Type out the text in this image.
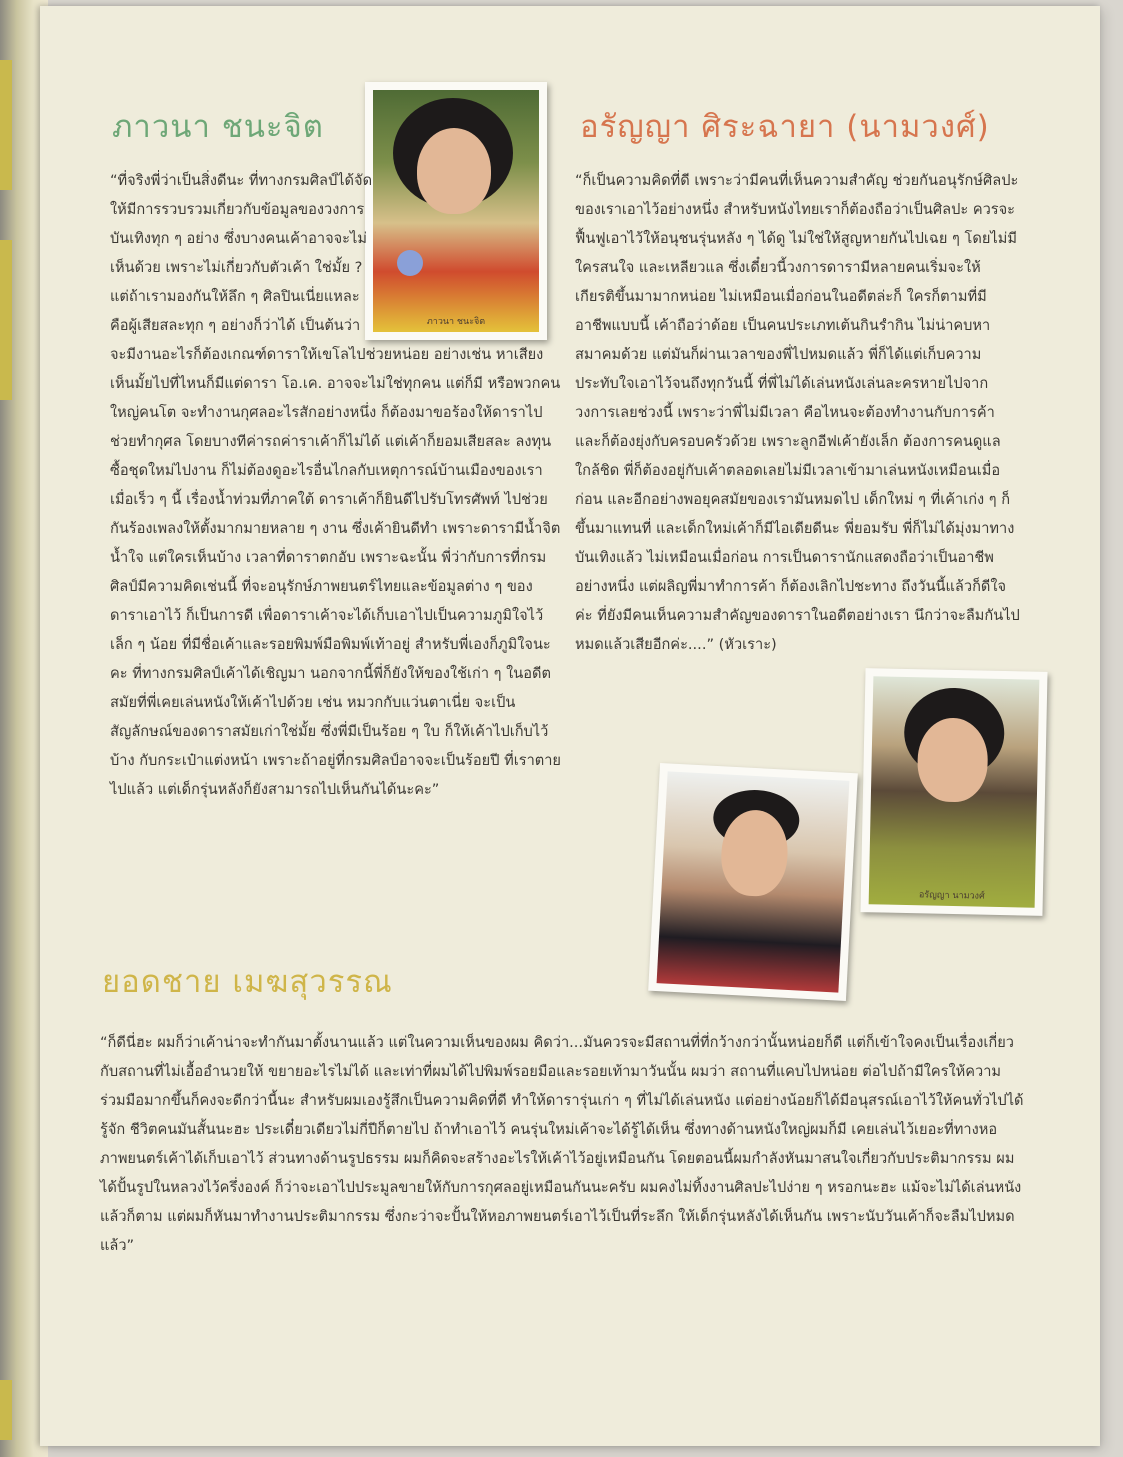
ภาวนา ชนะจิต
อรัญญา นามวงศ์
ภาวนา ชนะจิต

“ที่จริงพี่ว่าเป็นสิ่งดีนะ ที่ทางกรมศิลป์ได้จัดให้มีการรวบรวมเกี่ยวกับข้อมูลของวงการบันเทิงทุก ๆ อย่าง ซึ่งบางคนเค้าอาจจะไม่เห็นด้วย เพราะไม่เกี่ยวกับตัวเค้า ใช่มั้ย ? แต่ถ้าเรามองกันให้ลึก ๆ ศิลปินเนี่ยแหละ คือผู้เสียสละทุก ๆ อย่างก็ว่าได้ เป็นต้นว่าจะมีงานอะไรก็ต้องเกณฑ์ดาราให้เขโลไปช่วยหน่อย อย่างเช่น หาเสียง เห็นมั้ยไปที่ไหนก็มีแต่ดารา โอ.เค. อาจจะไม่ใช่ทุกคน แต่ก็มี หรือพวกคนใหญ่คนโต จะทำงานกุศลอะไรสักอย่างหนึ่ง ก็ต้องมาขอร้องให้ดาราไปช่วยทำกุศล โดยบางทีค่ารถค่าราเค้าก็ไม่ได้ แต่เค้าก็ยอมเสียสละ ลงทุนซื้อชุดใหม่ไปงาน ก็ไม่ต้องดูอะไรอื่นไกลกับเหตุการณ์บ้านเมืองของเราเมื่อเร็ว ๆ นี้ เรื่องน้ำท่วมที่ภาคใต้ ดาราเค้าก็ยินดีไปรับโทรศัพท์ ไปช่วยกันร้องเพลงให้ตั้งมากมายหลาย ๆ งาน ซึ่งเค้ายินดีทำ เพราะดารามีน้ำจิตน้ำใจ แต่ใครเห็นบ้าง เวลาที่ดาราตกอับ เพราะฉะนั้น พี่ว่ากับการที่กรมศิลป์มีความคิดเช่นนี้ ที่จะอนุรักษ์ภาพยนตร์ไทยและข้อมูลต่าง ๆ ของดาราเอาไว้ ก็เป็นการดี เพื่อดาราเค้าจะได้เก็บเอาไปเป็นความภูมิใจไว้เล็ก ๆ น้อย ที่มีชื่อเค้าและรอยพิมพ์มือพิมพ์เท้าอยู่ สำหรับพี่เองก็ภูมิใจนะคะ ที่ทางกรมศิลป์เค้าได้เชิญมา นอกจากนี้พี่ก็ยังให้ของใช้เก่า ๆ ในอดีตสมัยที่พี่เคยเล่นหนังให้เค้าไปด้วย เช่น หมวกกับแว่นตาเนี่ย จะเป็นสัญลักษณ์ของดาราสมัยเก่าใช่มั้ย ซึ่งพี่มีเป็นร้อย ๆ ใบ ก็ให้เค้าไปเก็บไว้บ้าง กับกระเป๋าแต่งหน้า เพราะถ้าอยู่ที่กรมศิลป์อาจจะเป็นร้อยปี ที่เราตายไปแล้ว แต่เด็กรุ่นหลังก็ยังสามารถไปเห็นกันได้นะคะ”

อรัญญา ศิระฉายา (นามวงศ์)

“ก็เป็นความคิดที่ดี เพราะว่ามีคนที่เห็นความสำคัญ ช่วยกันอนุรักษ์ศิลปะของเราเอาไว้อย่างหนึ่ง สำหรับหนังไทยเราก็ต้องถือว่าเป็นศิลปะ ควรจะฟื้นฟูเอาไว้ให้อนุชนรุ่นหลัง ๆ ได้ดู ไม่ใช่ให้สูญหายกันไปเฉย ๆ โดยไม่มีใครสนใจ และเหลียวแล ซึ่งเดี๋ยวนี้วงการดารามีหลายคนเริ่มจะให้เกียรติขึ้นมามากหน่อย ไม่เหมือนเมื่อก่อนในอดีตล่ะก็ ใครก็ตามที่มีอาชีพแบบนี้ เค้าถือว่าด้อย เป็นคนประเภทเต้นกินรำกิน ไม่น่าคบหาสมาคมด้วย แต่มันก็ผ่านเวลาของพี่ไปหมดแล้ว พี่ก็ได้แต่เก็บความประทับใจเอาไว้จนถึงทุกวันนี้ ที่พี่ไม่ได้เล่นหนังเล่นละครหายไปจากวงการเลยช่วงนี้ เพราะว่าพี่ไม่มีเวลา คือไหนจะต้องทำงานกับการค้า และก็ต้องยุ่งกับครอบครัวด้วย เพราะลูกอีฟเค้ายังเล็ก ต้องการคนดูแลใกล้ชิด พี่ก็ต้องอยู่กับเค้าตลอดเลยไม่มีเวลาเข้ามาเล่นหนังเหมือนเมื่อก่อน และอีกอย่างพอยุคสมัยของเรามันหมดไป เด็กใหม่ ๆ ที่เค้าเก่ง ๆ ก็ขึ้นมาแทนที่ และเด็กใหม่เค้าก็มีไอเดียดีนะ พี่ยอมรับ พี่ก็ไม่ได้มุ่งมาทางบันเทิงแล้ว ไม่เหมือนเมื่อก่อน การเป็นดารานักแสดงถือว่าเป็นอาชีพอย่างหนึ่ง แต่ผลิญพี่มาทำการค้า ก็ต้องเลิกไปชะทาง ถึงวันนี้แล้วก็ดีใจค่ะ ที่ยังมีคนเห็นความสำคัญของดาราในอดีตอย่างเรา นึกว่าจะลืมกันไปหมดแล้วเสียอีกค่ะ....” (หัวเราะ)

ยอดชาย เมฆสุวรรณ

“ก็ดีนี่ฮะ ผมก็ว่าเค้าน่าจะทำกันมาตั้งนานแล้ว แต่ในความเห็นของผม คิดว่า...มันควรจะมีสถานที่ที่กว้างกว่านั้นหน่อยก็ดี แต่ก็เข้าใจคงเป็นเรื่องเกี่ยวกับสถานที่ไม่เอื้ออำนวยให้ ขยายอะไรไม่ได้ และเท่าที่ผมได้ไปพิมพ์รอยมือและรอยเท้ามาวันนั้น ผมว่า สถานที่แคบไปหน่อย ต่อไปถ้ามีใครให้ความร่วมมือมากขึ้นก็คงจะดีกว่านี้นะ สำหรับผมเองรู้สึกเป็นความคิดที่ดี ทำให้ดารารุ่นเก่า ๆ ที่ไม่ได้เล่นหนัง แต่อย่างน้อยก็ได้มีอนุสรณ์เอาไว้ให้คนทั่วไปได้รู้จัก ชีวิตคนมันสั้นนะฮะ ประเดี๋ยวเดียวไม่กี่ปีก็ตายไป ถ้าทำเอาไว้ คนรุ่นใหม่เค้าจะได้รู้ได้เห็น ซึ่งทางด้านหนังใหญ่ผมก็มี เคยเล่นไว้เยอะที่ทางหอภาพยนตร์เค้าได้เก็บเอาไว้ ส่วนทางด้านรูปธรรม ผมก็คิดจะสร้างอะไรให้เค้าไว้อยู่เหมือนกัน โดยตอนนี้ผมกำลังหันมาสนใจเกี่ยวกับประติมากรรม ผมได้ปั้นรูปในหลวงไว้ครึ่งองค์ ก็ว่าจะเอาไปประมูลขายให้กับการกุศลอยู่เหมือนกันนะครับ ผมคงไม่ทิ้งงานศิลปะไปง่าย ๆ หรอกนะฮะ แม้จะไม่ได้เล่นหนังแล้วก็ตาม แต่ผมก็หันมาทำงานประติมากรรม ซึ่งกะว่าจะปั้นให้หอภาพยนตร์เอาไว้เป็นที่ระลึก ให้เด็กรุ่นหลังได้เห็นกัน เพราะนับวันเค้าก็จะลืมไปหมดแล้ว”
